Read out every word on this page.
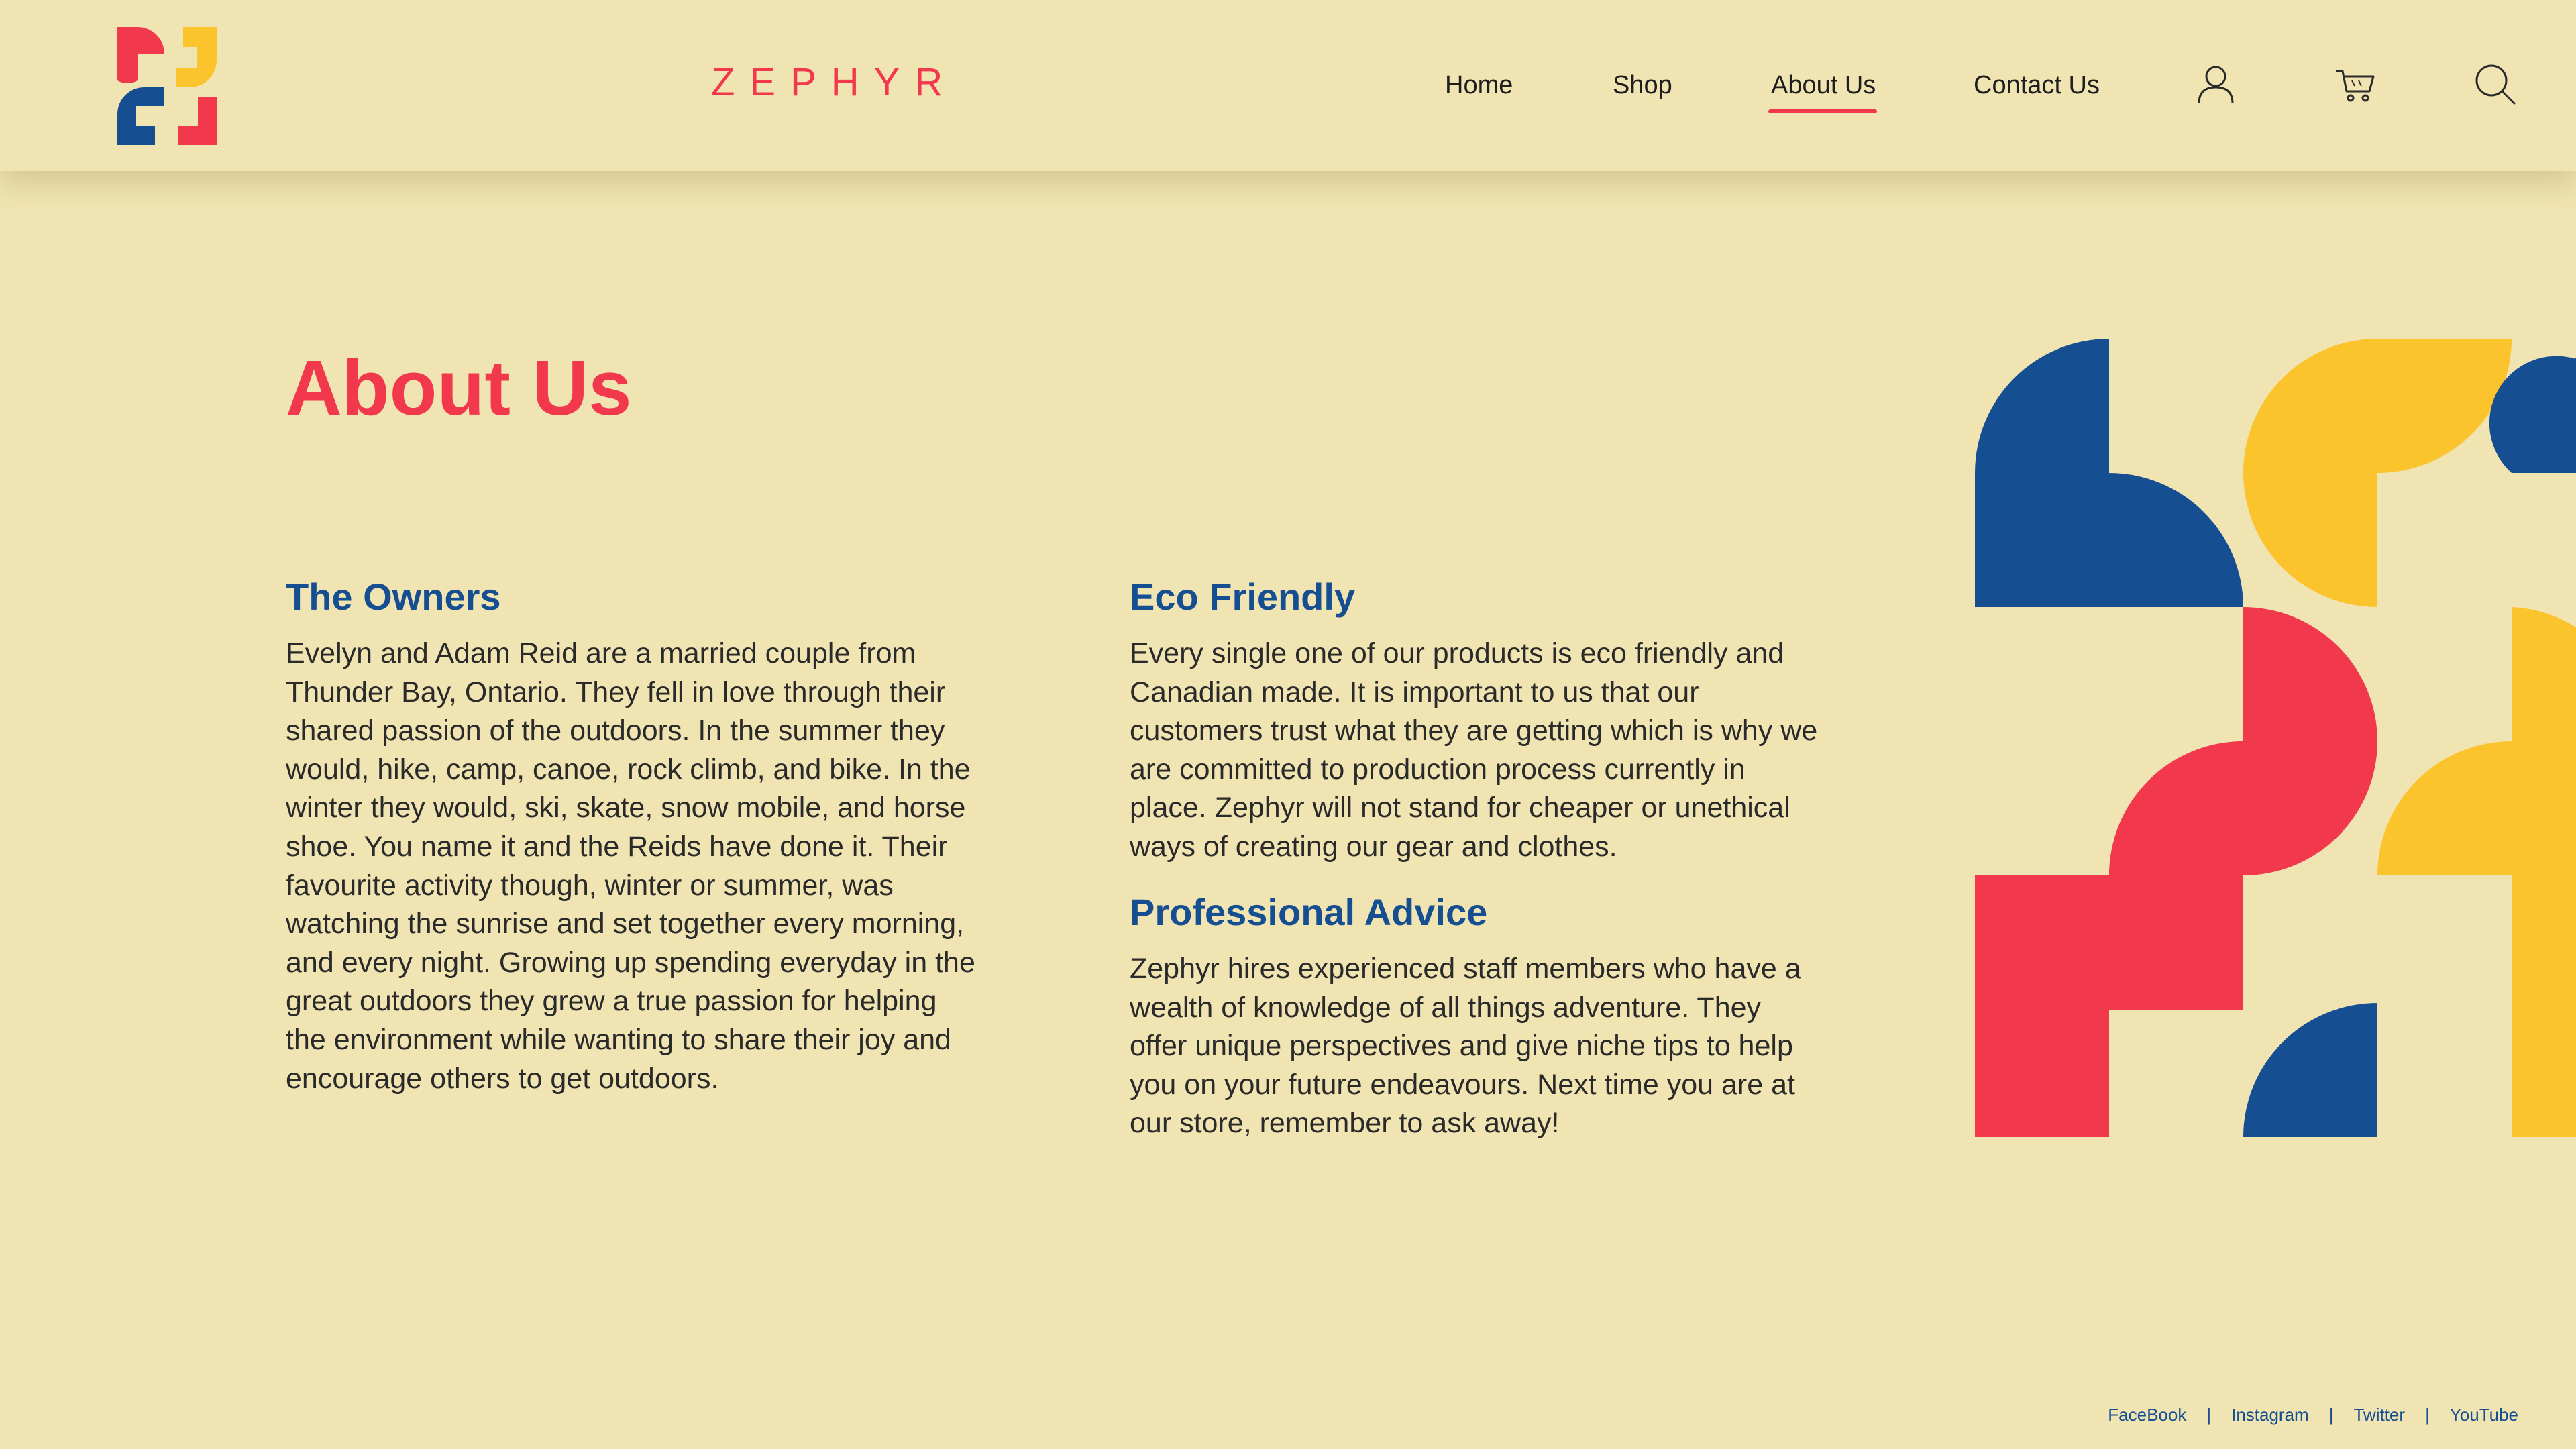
ZEPHYR	Home	Shop	About Us	Contact Us
About Us
The Owners

Evelyn and Adam Reid are a married couple from Thunder Bay, Ontario. They fell in love through their shared passion of the outdoors. In the summer they would, hike, camp, canoe, rock climb, and bike. In the winter they would, ski, skate, snow mobile, and horse shoe. You name it and the Reids have done it. Their favourite activity though, winter or summer, was watching the sunrise and set together every morning, and every night. Growing up spending everyday in the great outdoors they grew a true passion for helping the environment while wanting to share their joy and encourage others to get outdoors.

Eco Friendly

Every single one of our products is eco friendly and Canadian made. It is important to us that our customers trust what they are getting which is why we are committed to production process currently in place. Zephyr will not stand for cheaper or unethical ways of creating our gear and clothes.

Professional Advice

Zephyr hires experienced staff members who have a wealth of knowledge of all things adventure. They offer unique perspectives and give niche tips to help you on your future endeavours. Next time you are at our store, remember to ask away!

FaceBook | Instagram | Twitter | YouTube
